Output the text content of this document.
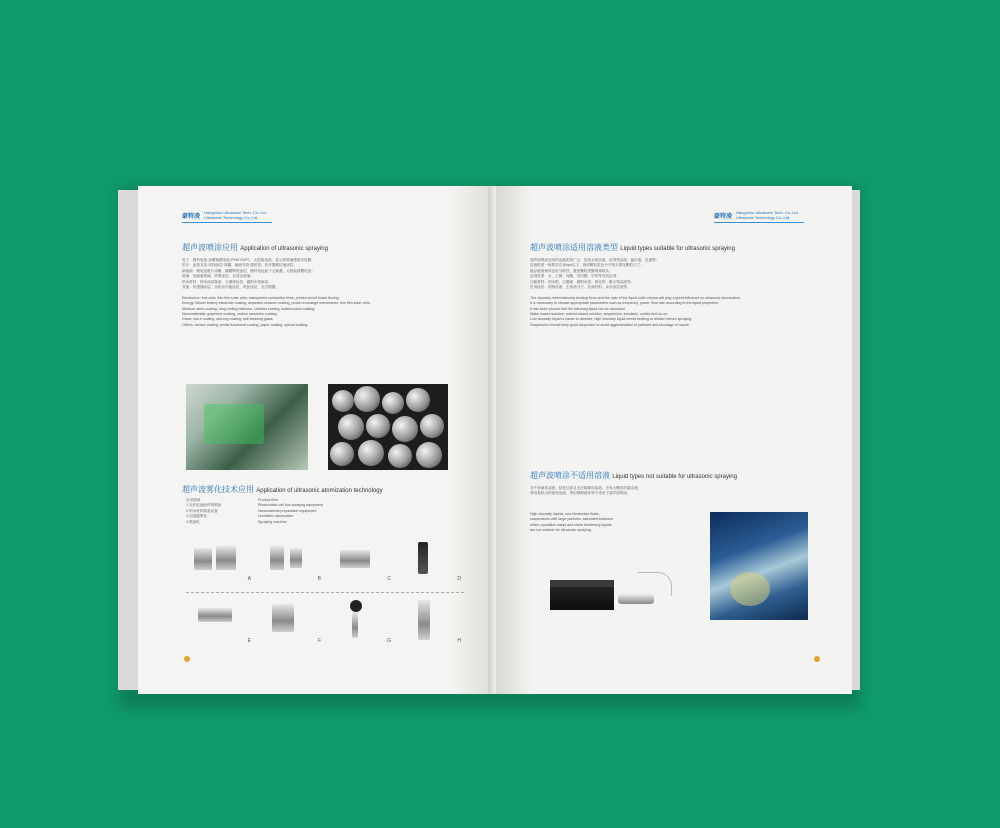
豪特凌
Hangzhou Ultrasonic Tech. Co.,Ltd.
Ultrasonic Technology Co.,Ltd.
超声波喷涂应用 Application of ultrasonic spraying
电子：燃料电池·涂覆薄膜电池·PEM·SOFC，太阳能电池，显示屏玻璃透明导电膜；
医疗：血管支架·药物涂层·球囊，输液导管·透析管，医疗器械抗菌涂层；
新能源：锂电池极片涂覆，隔膜陶瓷涂层，燃料电池质子交换膜，太阳能薄膜电池；
玻璃：低辐射玻璃，防雾涂层，自清洁玻璃；
纳米材料：纳米涂层制备，石墨烯涂层，碳纳米管涂层；
其他：传感器涂层，纺织品功能涂层，纸张涂层，光学镀膜。
Electronics: fuel cells, thin film solar cells, transparent conductive films, printed circuit board fluxing.
Energy: lithium battery electrode coating, separator ceramic coating, proton exchange membranes, thin film solar cells;
Medical: stent coating, drug eluting balloons, catheter coating, antimicrobial coating;
Nanomaterials: graphene coating, carbon nanotube coating;
Glass: low-e coating, anti-fog coating, self-cleaning glass;
Others: sensor coating, textile functional coating, paper coating, optical coating.
超声波雾化技术应用 Application of ultrasonic atomization technology
应用领域	Product field
1.光伏电池助焊剂喷涂	Photovoltaic cell flux spraying equipment
2.纳米材料制备设备	Nanomaterial preparation equipment
3.加湿器雾化	Humidifier atomization
4.喷涂机	Spraying machine
A	B	C	D
E	F	G	H
豪特凌
Hangzhou Ultrasonic Tech. Co.,Ltd.
Ultrasonic Technology Co.,Ltd.
超声波喷涂适用溶液类型 Liquid types suitable for ultrasonic spraying
超声波喷涂适用的溶液类型广泛，包括水基溶液、溶剂型溶液、悬浮液、乳液等；
溶液粘度一般要求在30cps以下，固体颗粒粒径小于喷头雾化颗粒尺寸；
悬浮液需保持良好分散性，避免颗粒团聚堵塞喷头；
溶剂类型：水、乙醇、丙酮、异丙醇、甲苯等有机溶剂；
功能材料：纳米银、石墨烯、碳纳米管、氧化物、聚合物溶液等；
医用涂层：药物溶液、生物高分子、抗菌材料、亲水涂层液等。
The viscosity, intermolecular binding force and the ratio of the liquid solid volume will play a great influence on ultrasonic atomization;
It is necessary to choose appropriate parameters such as frequency, power, flow rate according to the liquid properties.
It has been proved that the following liquid can be atomized:
Water-based solution, solvent-based solution, suspension, emulsion, colloid and so on;
Low viscosity liquid is easier to atomize, high viscosity liquid needs heating or dilution before spraying;
Suspension should keep good dispersion to avoid agglomeration of particles and blockage of nozzle.
超声波喷涂不适用溶液 Liquid types not suitable for ultrasonic spraying
非牛顿流体溶液，粘度过高且无法稀释的溶液，含有大颗粒的悬浮液，
易结晶析出的饱和溶液，剪切增稠液体等不适用于超声波喷涂。
High viscosity liquids, non-Newtonian fluids,
suspensions with large particles, saturated solutions
which crystallize easily and shear thickening liquids
are not suitable for ultrasonic spraying.
